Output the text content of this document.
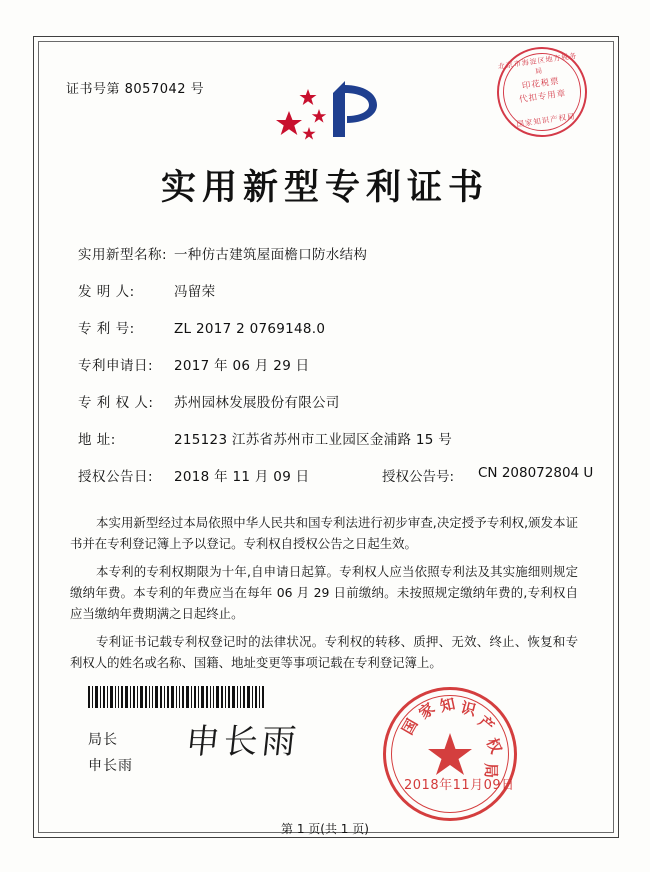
证书号第 8057042 号
北京市海淀区地方税务局
印花税票
代扣专用章
国家知识产权局
实用新型专利证书
实用新型名称: 一种仿古建筑屋面檐口防水结构
发 明 人:	冯留荣
专 利 号:	ZL 2017 2 0769148.0
专利申请日: 2017 年 06 月 29 日
专 利 权 人: 苏州园林发展股份有限公司
地 址:	215123 江苏省苏州市工业园区金浦路 15 号
授权公告日: 2018 年 11 月 09 日	授权公告号: CN 208072804 U

本实用新型经过本局依照中华人民共和国专利法进行初步审查,决定授予专利权,颁发本证书并在专利登记簿上予以登记。专利权自授权公告之日起生效。

本专利的专利权期限为十年,自申请日起算。专利权人应当依照专利法及其实施细则规定缴纳年费。本专利的年费应当在每年 06 月 29 日前缴纳。未按照规定缴纳年费的,专利权自应当缴纳年费期满之日起终止。

专利证书记载专利权登记时的法律状况。专利权的转移、质押、无效、终止、恢复和专利权人的姓名或名称、国籍、地址变更等事项记载在专利登记簿上。

局长
申长雨
申长雨	国
家 知 识
产
权
局
2018年11月09日
第 1 页(共 1 页)
